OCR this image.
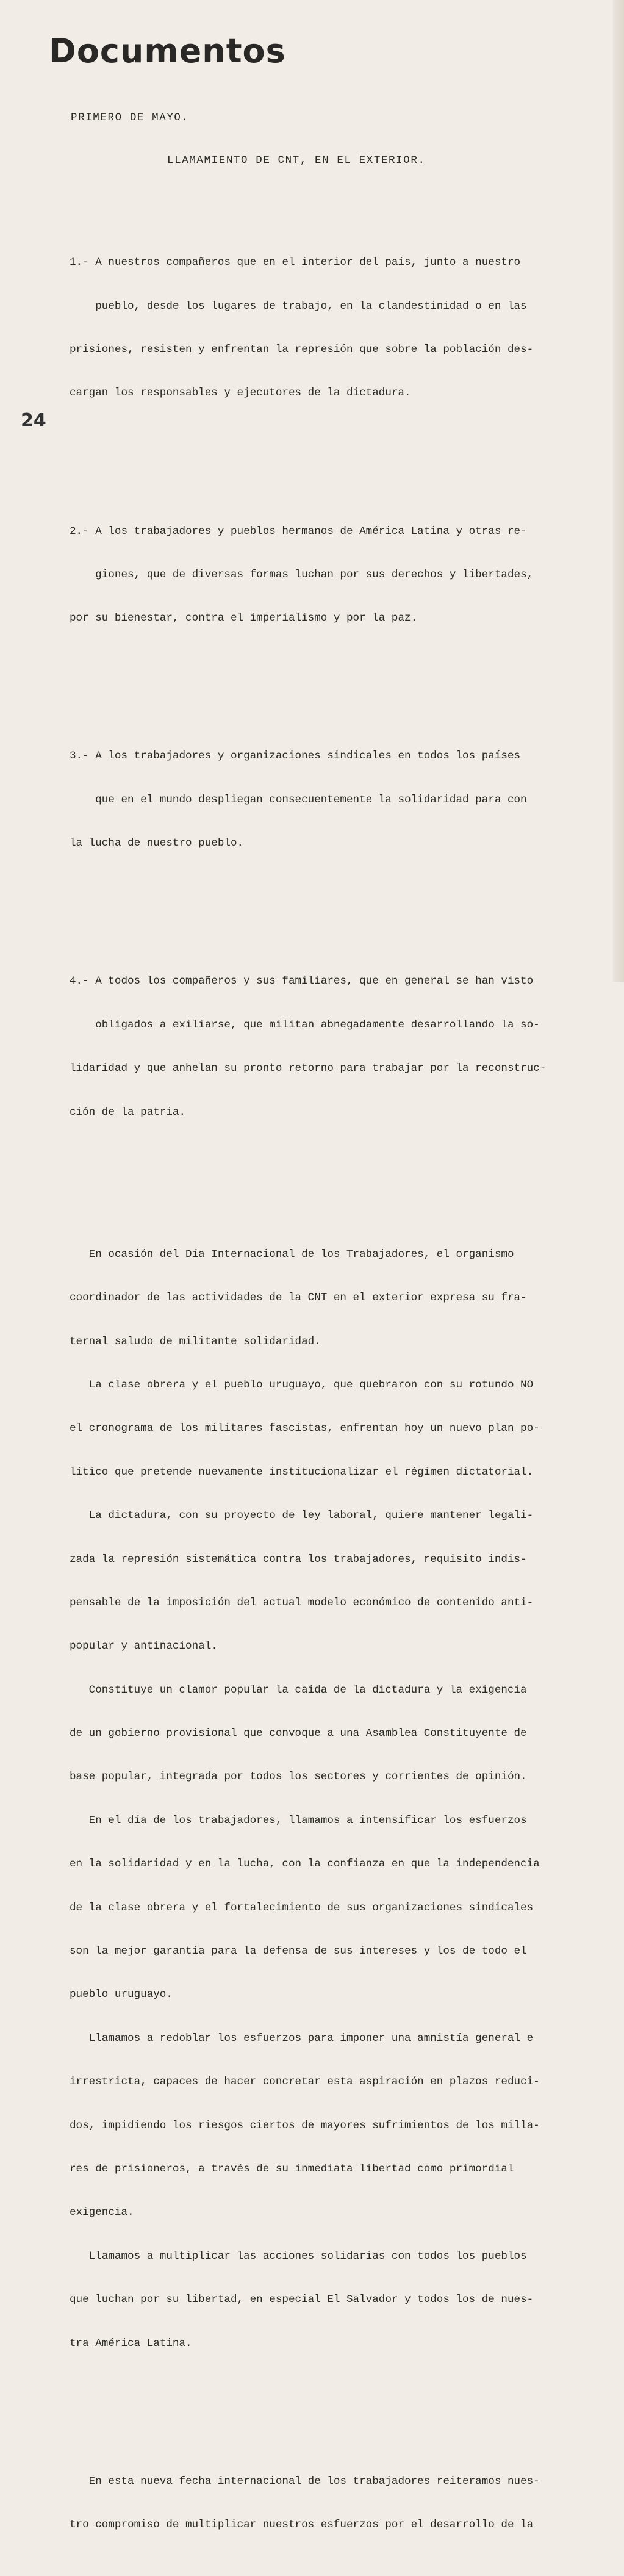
Documentos

PRIMERO DE MAYO.

LLAMAMIENTO DE CNT, EN EL EXTERIOR.
24

1.- A nuestros compañeros que en el interior del país, junto a nuestro

pueblo, desde los lugares de trabajo, en la clandestinidad o en las

prisiones, resisten y enfrentan la represión que sobre la población des-

cargan los responsables y ejecutores de la dictadura.

2.- A los trabajadores y pueblos hermanos de América Latina y otras re-

giones, que de diversas formas luchan por sus derechos y libertades,

por su bienestar, contra el imperialismo y por la paz.

3.- A los trabajadores y organizaciones sindicales en todos los países

que en el mundo despliegan consecuentemente la solidaridad para con

la lucha de nuestro pueblo.

4.- A todos los compañeros y sus familiares, que en general se han visto

obligados a exiliarse, que militan abnegadamente desarrollando la so-

lidaridad y que anhelan su pronto retorno para trabajar por la reconstruc-

ción de la patria.

En ocasión del Día Internacional de los Trabajadores, el organismo

coordinador de las actividades de la CNT en el exterior expresa su fra-

ternal saludo de militante solidaridad.

La clase obrera y el pueblo uruguayo, que quebraron con su rotundo NO

el cronograma de los militares fascistas, enfrentan hoy un nuevo plan po-

lítico que pretende nuevamente institucionalizar el régimen dictatorial.

La dictadura, con su proyecto de ley laboral, quiere mantener legali-

zada la represión sistemática contra los trabajadores, requisito indis-

pensable de la imposición del actual modelo económico de contenido anti-

popular y antinacional.

Constituye un clamor popular la caída de la dictadura y la exigencia

de un gobierno provisional que convoque a una Asamblea Constituyente de

base popular, integrada por todos los sectores y corrientes de opinión.

En el día de los trabajadores, llamamos a intensificar los esfuerzos

en la solidaridad y en la lucha, con la confianza en que la independencia

de la clase obrera y el fortalecimiento de sus organizaciones sindicales

son la mejor garantía para la defensa de sus intereses y los de todo el

pueblo uruguayo.

Llamamos a redoblar los esfuerzos para imponer una amnistía general e

irrestricta, capaces de hacer concretar esta aspiración en plazos reduci-

dos, impidiendo los riesgos ciertos de mayores sufrimientos de los milla-

res de prisioneros, a través de su inmediata libertad como primordial

exigencia.

Llamamos a multiplicar las acciones solidarias con todos los pueblos

que luchan por su libertad, en especial El Salvador y todos los de nues-

tra América Latina.

En esta nueva fecha internacional de los trabajadores reiteramos nues-

tro compromiso de multiplicar nuestros esfuerzos por el desarrollo de la
